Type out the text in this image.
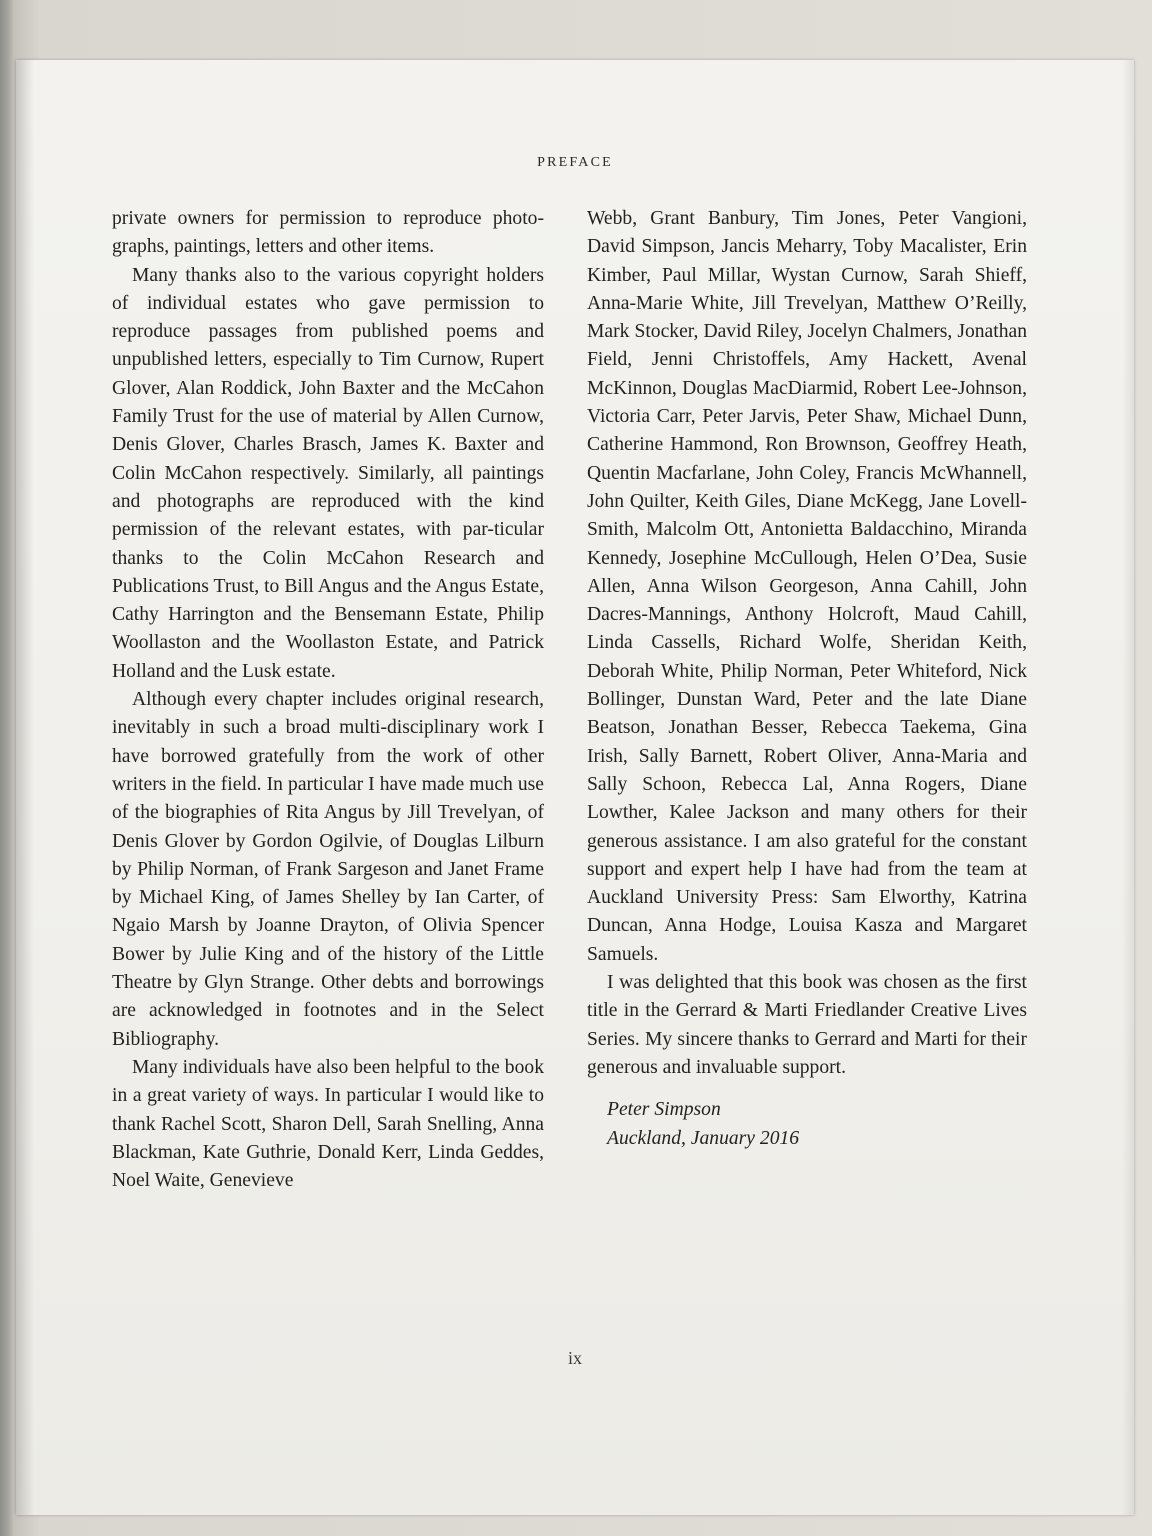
PREFACE

private owners for permission to reproduce photo-graphs, paintings, letters and other items.

Many thanks also to the various copyright holders of individual estates who gave permission to reproduce passages from published poems and unpublished letters, especially to Tim Curnow, Rupert Glover, Alan Roddick, John Baxter and the McCahon Family Trust for the use of material by Allen Curnow, Denis Glover, Charles Brasch, James K. Baxter and Colin McCahon respectively. Similarly, all paintings and photographs are reproduced with the kind permission of the relevant estates, with par-ticular thanks to the Colin McCahon Research and Publications Trust, to Bill Angus and the Angus Estate, Cathy Harrington and the Bensemann Estate, Philip Woollaston and the Woollaston Estate, and Patrick Holland and the Lusk estate.

Although every chapter includes original research, inevitably in such a broad multi-disciplinary work I have borrowed gratefully from the work of other writers in the field. In particular I have made much use of the biographies of Rita Angus by Jill Trevelyan, of Denis Glover by Gordon Ogilvie, of Douglas Lilburn by Philip Norman, of Frank Sargeson and Janet Frame by Michael King, of James Shelley by Ian Carter, of Ngaio Marsh by Joanne Drayton, of Olivia Spencer Bower by Julie King and of the history of the Little Theatre by Glyn Strange. Other debts and borrowings are acknowledged in footnotes and in the Select Bibliography.

Many individuals have also been helpful to the book in a great variety of ways. In particular I would like to thank Rachel Scott, Sharon Dell, Sarah Snelling, Anna Blackman, Kate Guthrie, Donald Kerr, Linda Geddes, Noel Waite, Genevieve

Webb, Grant Banbury, Tim Jones, Peter Vangioni, David Simpson, Jancis Meharry, Toby Macalister, Erin Kimber, Paul Millar, Wystan Curnow, Sarah Shieff, Anna-Marie White, Jill Trevelyan, Matthew O’Reilly, Mark Stocker, David Riley, Jocelyn Chalmers, Jonathan Field, Jenni Christoffels, Amy Hackett, Avenal McKinnon, Douglas MacDiarmid, Robert Lee-Johnson, Victoria Carr, Peter Jarvis, Peter Shaw, Michael Dunn, Catherine Hammond, Ron Brownson, Geoffrey Heath, Quentin Macfarlane, John Coley, Francis McWhannell, John Quilter, Keith Giles, Diane McKegg, Jane Lovell-Smith, Malcolm Ott, Antonietta Baldacchino, Miranda Kennedy, Josephine McCullough, Helen O’Dea, Susie Allen, Anna Wilson Georgeson, Anna Cahill, John Dacres-Mannings, Anthony Holcroft, Maud Cahill, Linda Cassells, Richard Wolfe, Sheridan Keith, Deborah White, Philip Norman, Peter Whiteford, Nick Bollinger, Dunstan Ward, Peter and the late Diane Beatson, Jonathan Besser, Rebecca Taekema, Gina Irish, Sally Barnett, Robert Oliver, Anna-Maria and Sally Schoon, Rebecca Lal, Anna Rogers, Diane Lowther, Kalee Jackson and many others for their generous assistance. I am also grateful for the constant support and expert help I have had from the team at Auckland University Press: Sam Elworthy, Katrina Duncan, Anna Hodge, Louisa Kasza and Margaret Samuels.

I was delighted that this book was chosen as the first title in the Gerrard & Marti Friedlander Creative Lives Series. My sincere thanks to Gerrard and Marti for their generous and invaluable support.

Peter Simpson
Auckland, January 2016
ix
